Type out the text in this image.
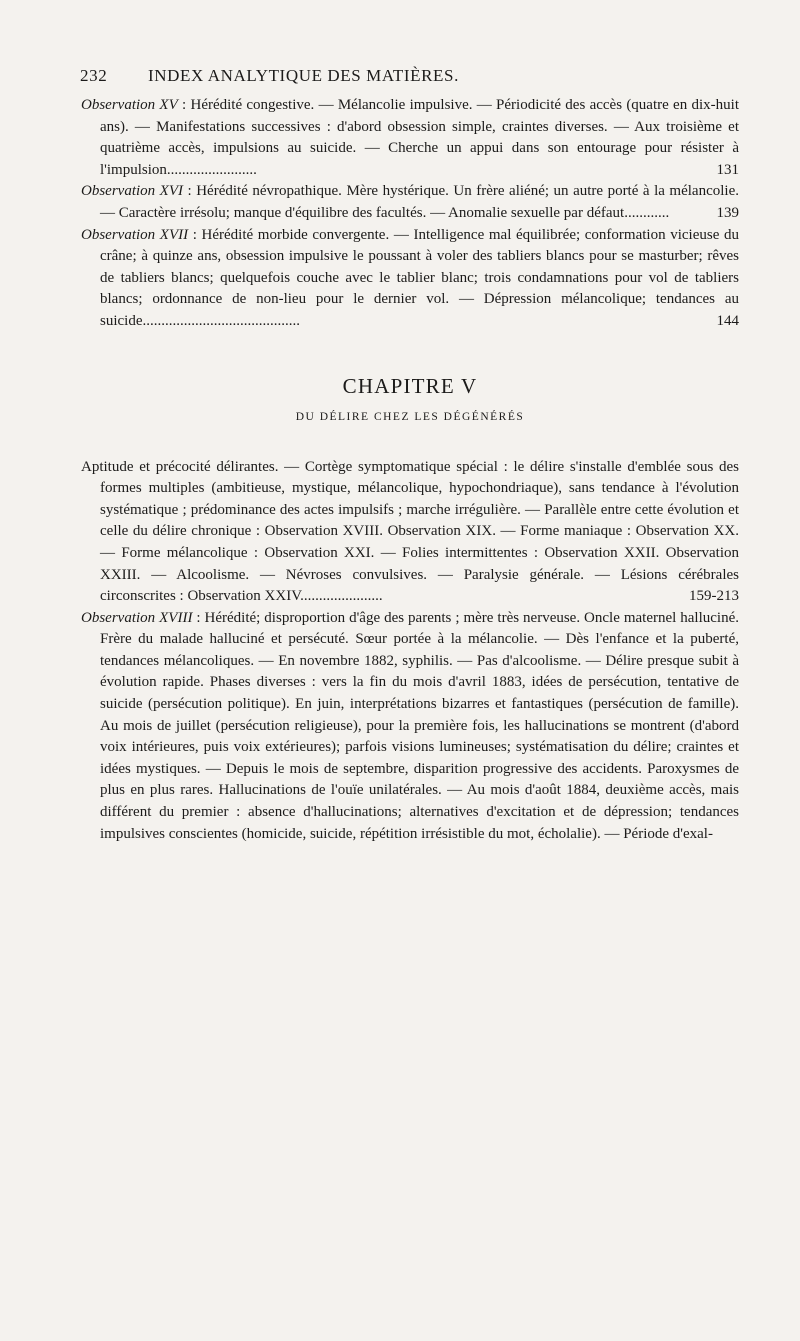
232 INDEX ANALYTIQUE DES MATIÈRES.
Observation XV : Hérédité congestive. — Mélancolie impulsive. — Périodicité des accès (quatre en dix-huit ans). — Manifestations successives : d'abord obsession simple, craintes diverses. — Aux troisième et quatrième accès, impulsions au suicide. — Cherche un appui dans son entourage pour résister à l'impulsion........................	131
Observation XVI : Hérédité névropathique. Mère hystérique. Un frère aliéné; un autre porté à la mélancolie. — Caractère irrésolu; manque d'équilibre des facultés. — Anomalie sexuelle par défaut............	139
Observation XVII : Hérédité morbide convergente. — Intelligence mal équilibrée; conformation vicieuse du crâne; à quinze ans, obsession impulsive le poussant à voler des tabliers blancs pour se masturber; rêves de tabliers blancs; quelquefois couche avec le tablier blanc; trois condamnations pour vol de tabliers blancs; ordonnance de non-lieu pour le dernier vol. — Dépression mélancolique; tendances au suicide..........................................	144
CHAPITRE V
DU DÉLIRE CHEZ LES DÉGÉNÉRÉS
Aptitude et précocité délirantes. — Cortège symptomatique spécial : le délire s'installe d'emblée sous des formes multiples (ambitieuse, mystique, mélancolique, hypochondriaque), sans tendance à l'évolution systématique ; prédominance des actes impulsifs ; marche irrégulière. — Parallèle entre cette évolution et celle du délire chronique : Observation XVIII. Observation XIX. — Forme maniaque : Observation XX. — Forme mélancolique : Observation XXI. — Folies intermittentes : Observation XXII. Observation XXIII. — Alcoolisme. — Névroses convulsives. — Paralysie générale. — Lésions cérébrales circonscrites : Observation XXIV......................	159-213
Observation XVIII : Hérédité; disproportion d'âge des parents ; mère très nerveuse. Oncle maternel halluciné. Frère du malade halluciné et persécuté. Sœur portée à la mélancolie. — Dès l'enfance et la puberté, tendances mélancoliques. — En novembre 1882, syphilis. — Pas d'alcoolisme. — Délire presque subit à évolution rapide. Phases diverses : vers la fin du mois d'avril 1883, idées de persécution, tentative de suicide (persécution politique). En juin, interprétations bizarres et fantastiques (persécution de famille). Au mois de juillet (persécution religieuse), pour la première fois, les hallucinations se montrent (d'abord voix intérieures, puis voix extérieures); parfois visions lumineuses; systématisation du délire; craintes et idées mystiques. — Depuis le mois de septembre, disparition progressive des accidents. Paroxysmes de plus en plus rares. Hallucinations de l'ouïe unilatérales. — Au mois d'août 1884, deuxième accès, mais différent du premier : absence d'hallucinations; alternatives d'excitation et de dépression; tendances impulsives conscientes (homicide, suicide, répétition irrésistible du mot, écholalie). — Période d'exal-
